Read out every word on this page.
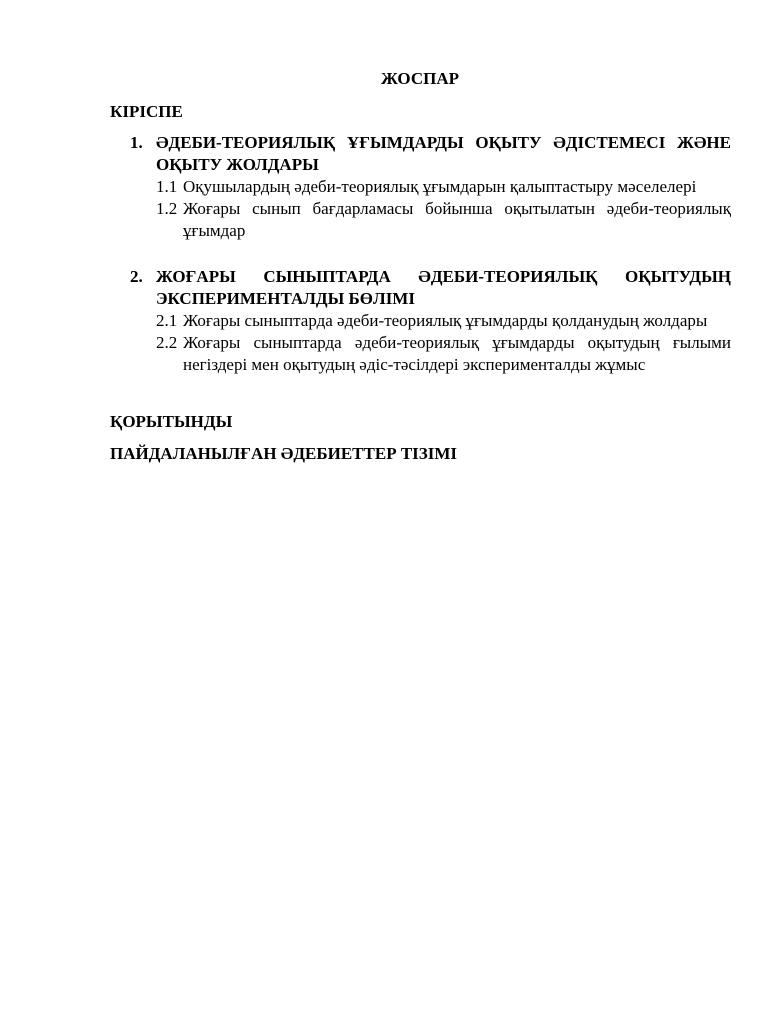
ЖОСПАР
КІРІСПЕ
1. ӘДЕБИ-ТЕОРИЯЛЫҚ ҰҒЫМДАРДЫ ОҚЫТУ ӘДІСТЕМЕСІ ЖӘНЕ ОҚЫТУ ЖОЛДАРЫ
1.1 Оқушылардың әдеби-теориялық ұғымдарын қалыптастыру мәселелері
1.2 Жоғары сынып бағдарламасы бойынша оқытылатын әдеби-теориялық ұғымдар
2. ЖОҒАРЫ СЫНЫПТАРДА ӘДЕБИ-ТЕОРИЯЛЫҚ ОҚЫТУДЫҢ ЭКСПЕРИМЕНТАЛДЫ БӨЛІМІ
2.1 Жоғары сыныптарда әдеби-теориялық ұғымдарды қолданудың жолдары
2.2 Жоғары сыныптарда әдеби-теориялық ұғымдарды оқытудың ғылыми негіздері мен оқытудың әдіс-тәсілдері эксперименталды жұмыс
ҚОРЫТЫНДЫ
ПАЙДАЛАНЫЛҒАН ӘДЕБИЕТТЕР ТІЗІМІ
